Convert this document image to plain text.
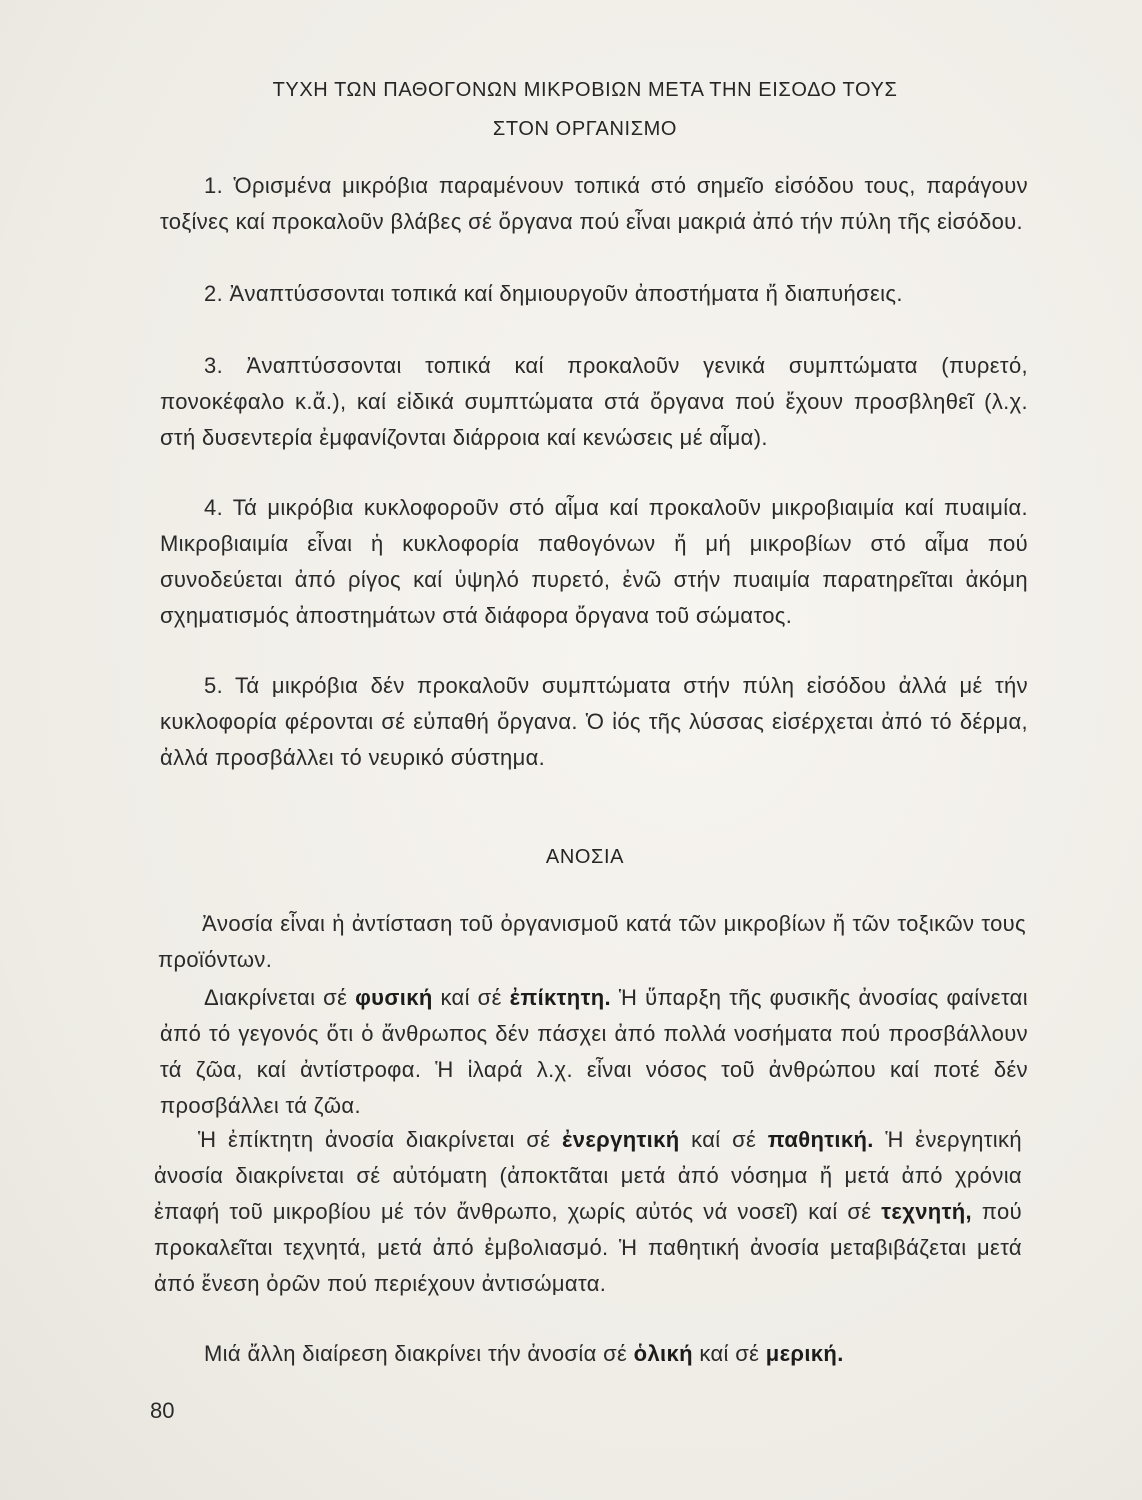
ΤΥΧΗ ΤΩΝ ΠΑΘΟΓΟΝΩΝ ΜΙΚΡΟΒΙΩΝ ΜΕΤΑ ΤΗΝ ΕΙΣΟΔΟ ΤΟΥΣ
ΣΤΟΝ ΟΡΓΑΝΙΣΜΟ

1. Ὁρισμένα μικρόβια παραμένουν τοπικά στό σημεῖο εἰσόδου τους, παράγουν τοξίνες καί προκαλοῦν βλάβες σέ ὄργανα πού εἶναι μακριά ἀπό τήν πύλη τῆς εἰσόδου.

2. Ἀναπτύσσονται τοπικά καί δημιουργοῦν ἀποστήματα ἤ διαπυήσεις.

3. Ἀναπτύσσονται τοπικά καί προκαλοῦν γενικά συμπτώματα (πυρετό, πονοκέφαλο κ.ἄ.), καί εἰδικά συμπτώματα στά ὄργανα πού ἔχουν προσβληθεῖ (λ.χ. στή δυσεντερία ἐμφανίζονται διάρροια καί κενώσεις μέ αἷμα).

4. Τά μικρόβια κυκλοφοροῦν στό αἷμα καί προκαλοῦν μικροβιαιμία καί πυαιμία. Μικροβιαιμία εἶναι ἡ κυκλοφορία παθογόνων ἤ μή μικροβίων στό αἷμα πού συνοδεύεται ἀπό ρίγος καί ὑψηλό πυρετό, ἐνῶ στήν πυαιμία παρατηρεῖται ἀκόμη σχηματισμός ἀποστημάτων στά διάφορα ὄργανα τοῦ σώματος.

5. Τά μικρόβια δέν προκαλοῦν συμπτώματα στήν πύλη εἰσόδου ἀλλά μέ τήν κυκλοφορία φέρονται σέ εὐπαθή ὄργανα. Ὁ ἰός τῆς λύσσας εἰσέρχεται ἀπό τό δέρμα, ἀλλά προσβάλλει τό νευρικό σύστημα.

ΑΝΟΣΙΑ

Ἀνοσία εἶναι ἡ ἀντίσταση τοῦ ὀργανισμοῦ κατά τῶν μικροβίων ἤ τῶν τοξικῶν τους προϊόντων.

Διακρίνεται σέ φυσική καί σέ ἐπίκτητη. Ἡ ὕπαρξη τῆς φυσικῆς ἀνοσίας φαίνεται ἀπό τό γεγονός ὅτι ὁ ἄνθρωπος δέν πάσχει ἀπό πολλά νοσήματα πού προσβάλλουν τά ζῶα, καί ἀντίστροφα. Ἡ ἱλαρά λ.χ. εἶναι νόσος τοῦ ἀνθρώπου καί ποτέ δέν προσβάλλει τά ζῶα.

Ἡ ἐπίκτητη ἀνοσία διακρίνεται σέ ἐνεργητική καί σέ παθητική. Ἡ ἐνεργητική ἀνοσία διακρίνεται σέ αὐτόματη (ἀποκτᾶται μετά ἀπό νόσημα ἤ μετά ἀπό χρόνια ἐπαφή τοῦ μικροβίου μέ τόν ἄνθρωπο, χωρίς αὐτός νά νοσεῖ) καί σέ τεχνητή, πού προκαλεῖται τεχνητά, μετά ἀπό ἐμβολιασμό. Ἡ παθητική ἀνοσία μεταβιβάζεται μετά ἀπό ἔνεση ὀρῶν πού περιέχουν ἀντισώματα.

Μιά ἄλλη διαίρεση διακρίνει τήν ἀνοσία σέ ὁλική καί σέ μερική.

80
